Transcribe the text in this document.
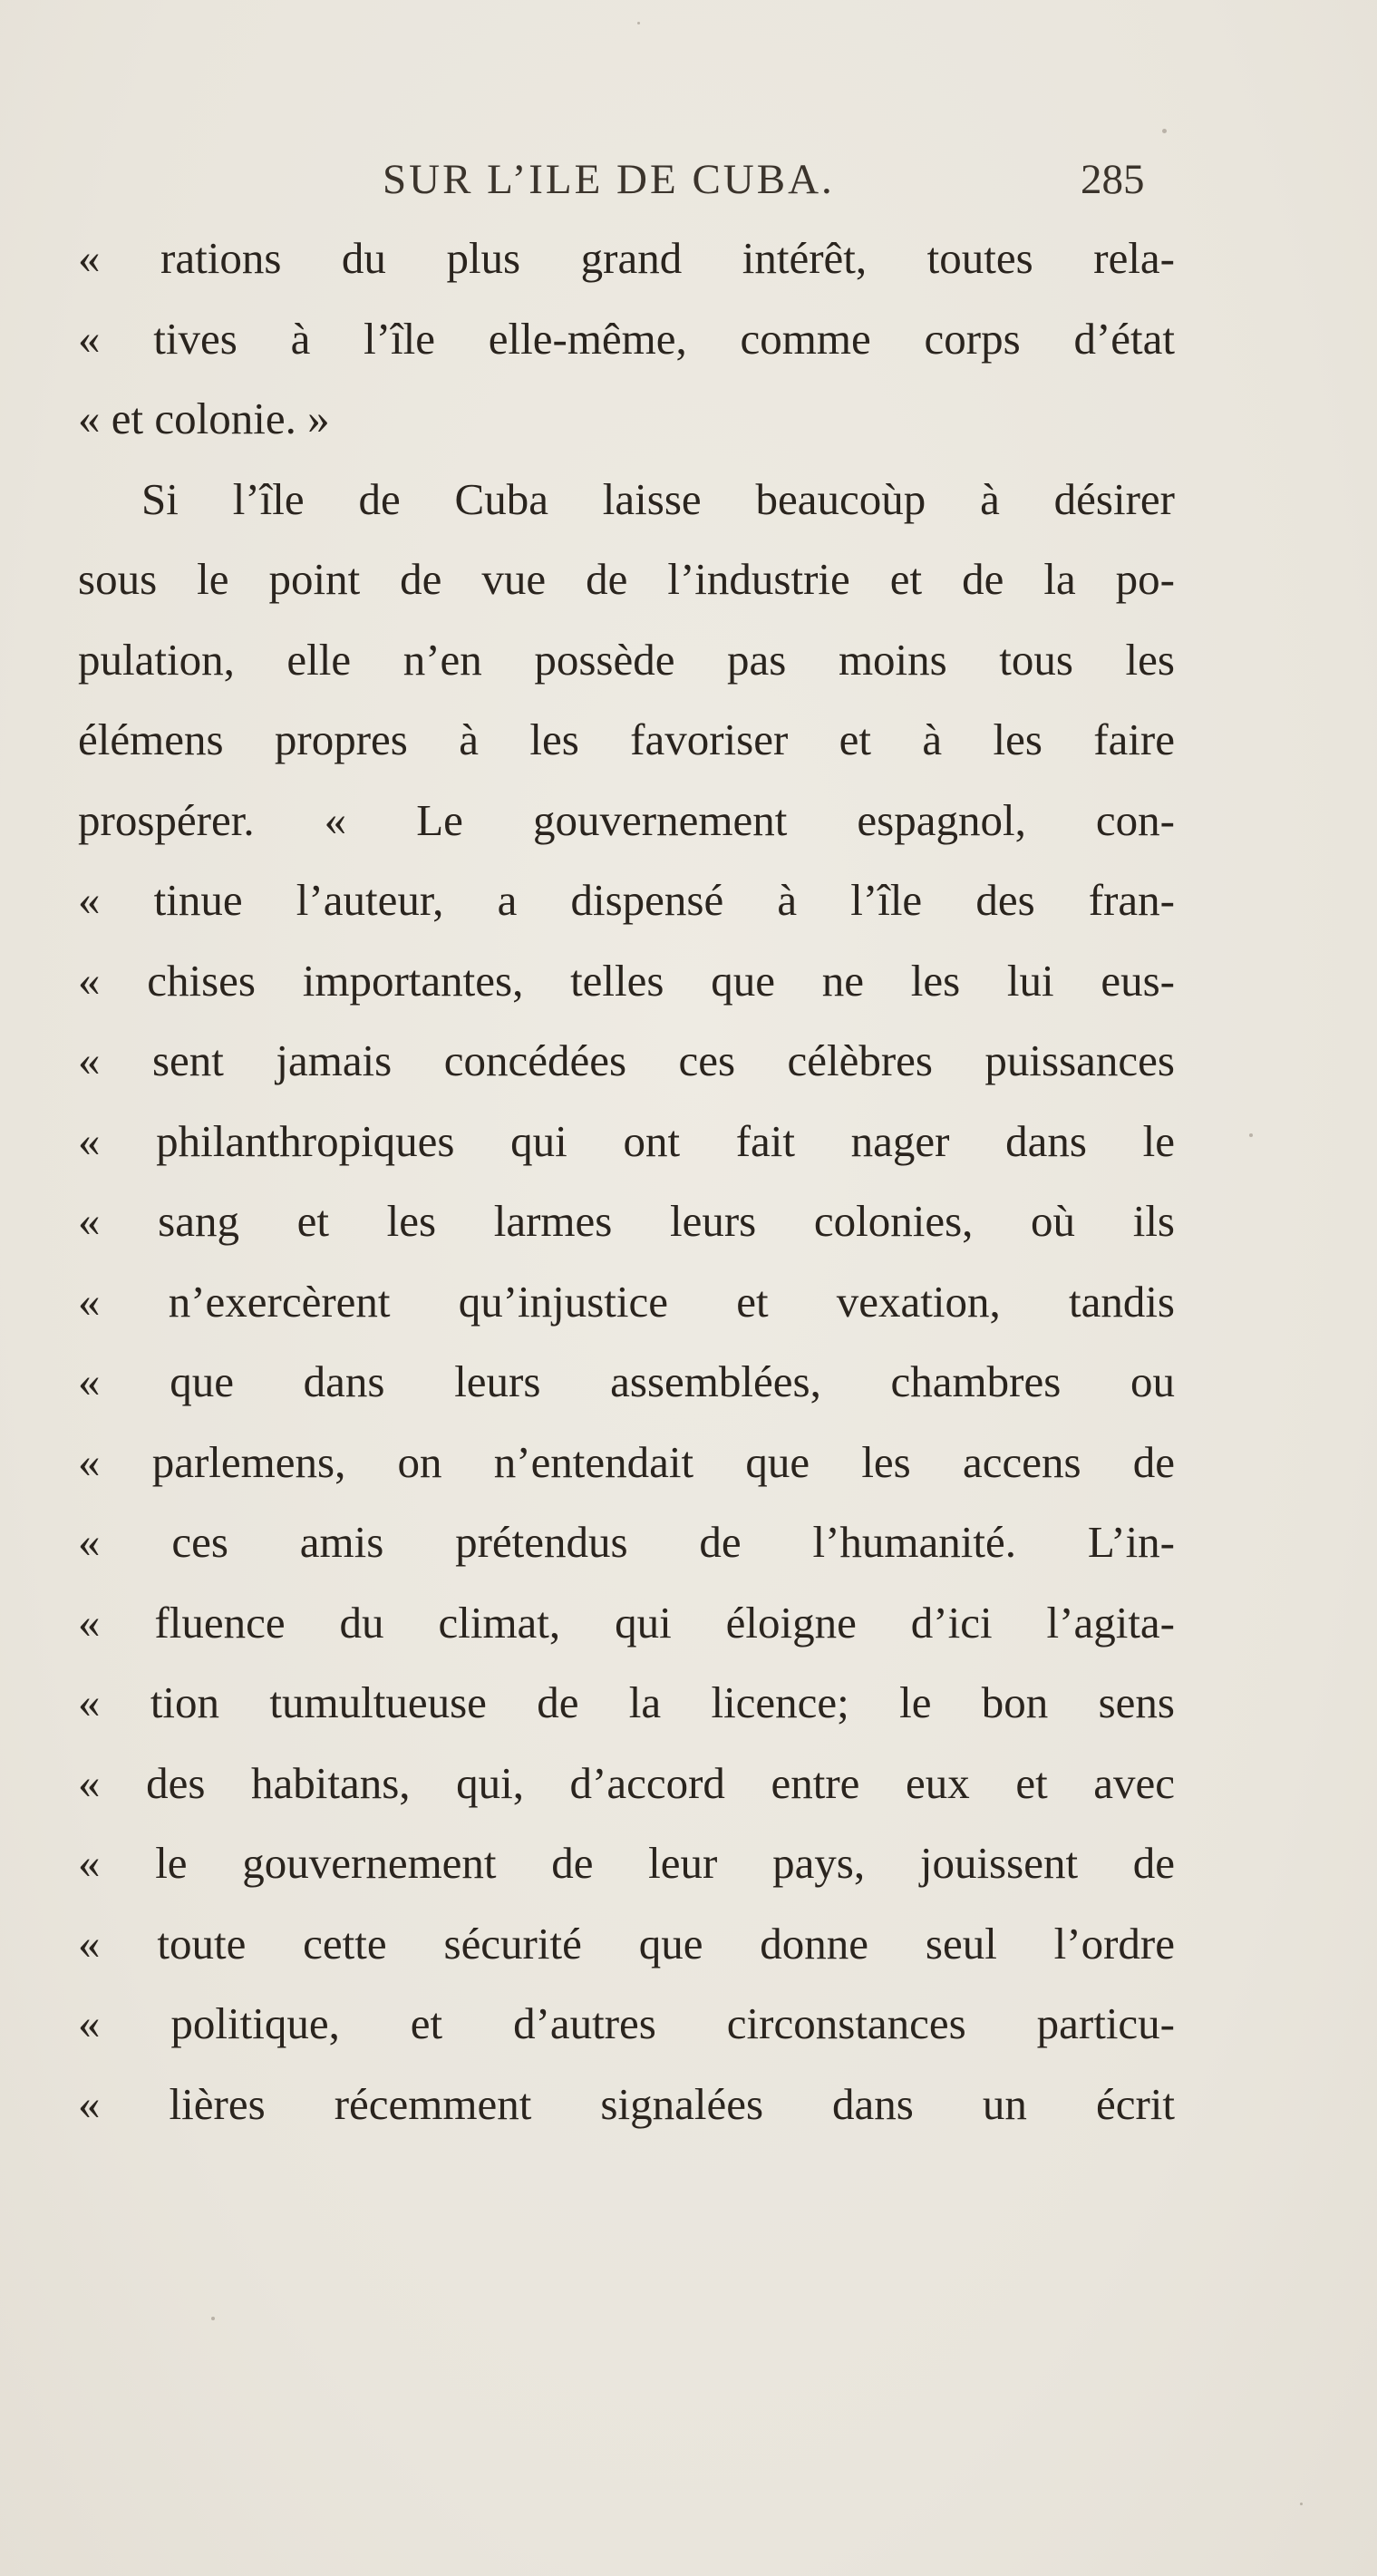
SUR L’ILE DE CUBA.	285
« rations du plus grand intérêt, toutes rela-
« tives à l’île elle-même, comme corps d’état
« et colonie. »
Si l’île de Cuba laisse beaucoùp à désirer
sous le point de vue de l’industrie et de la po-
pulation, elle n’en possède pas moins tous les
élémens propres à les favoriser et à les faire
prospérer. « Le gouvernement espagnol, con-
« tinue l’auteur, a dispensé à l’île des fran-
« chises importantes, telles que ne les lui eus-
« sent jamais concédées ces célèbres puissances
« philanthropiques qui ont fait nager dans le
« sang et les larmes leurs colonies, où ils
« n’exercèrent qu’injustice et vexation, tandis
« que dans leurs assemblées, chambres ou
« parlemens, on n’entendait que les accens de
« ces amis prétendus de l’humanité. L’in-
« fluence du climat, qui éloigne d’ici l’agita-
« tion tumultueuse de la licence; le bon sens
« des habitans, qui, d’accord entre eux et avec
« le gouvernement de leur pays, jouissent de
« toute cette sécurité que donne seul l’ordre
« politique, et d’autres circonstances particu-
« lières récemment signalées dans un écrit
